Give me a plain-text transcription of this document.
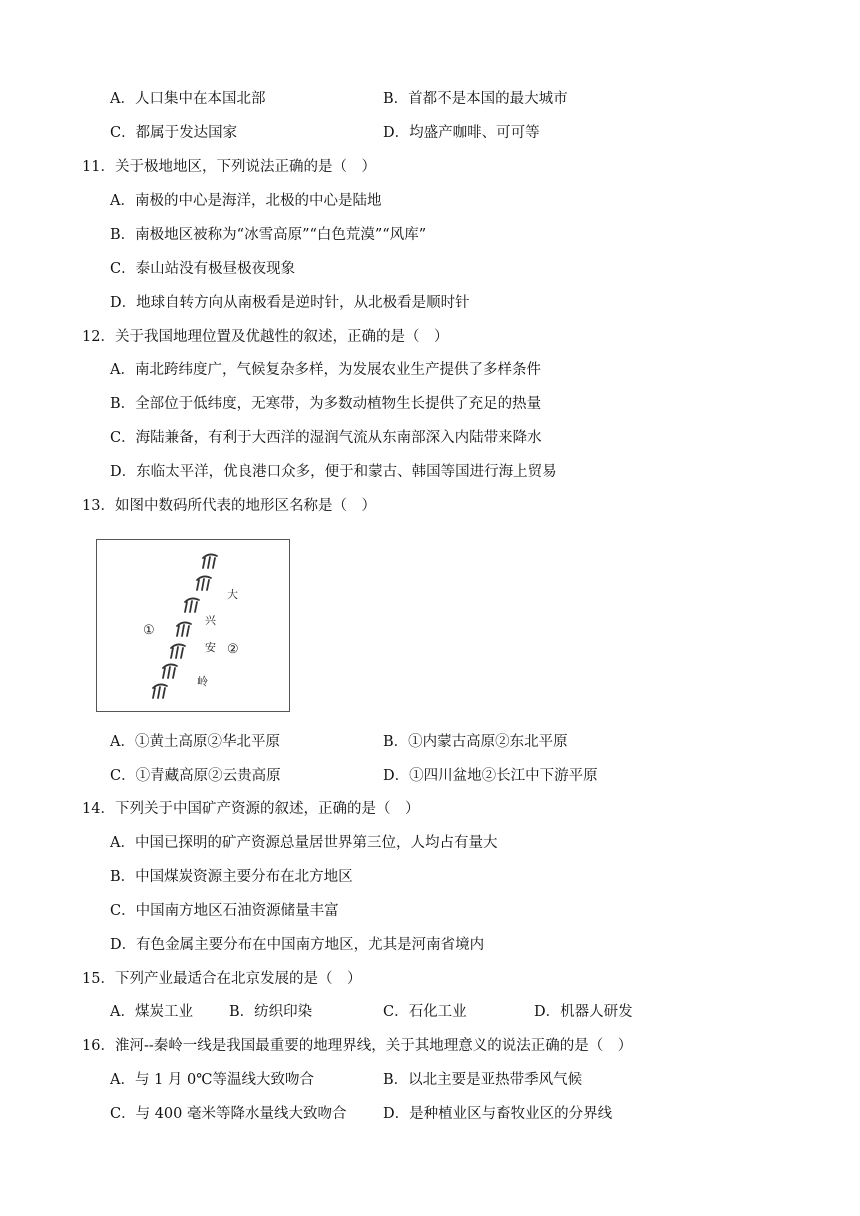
A．人口集中在本国北部	B．首都不是本国的最大城市
C．都属于发达国家	D．均盛产咖啡、可可等
11．关于极地地区，下列说法正确的是（　）
A．南极的中心是海洋，北极的中心是陆地
B．南极地区被称为“冰雪高原”“白色荒漠”“风库”
C．泰山站没有极昼极夜现象
D．地球自转方向从南极看是逆时针，从北极看是顺时针
12．关于我国地理位置及优越性的叙述，正确的是（　）
A．南北跨纬度广，气候复杂多样，为发展农业生产提供了多样条件
B．全部位于低纬度，无寒带，为多数动植物生长提供了充足的热量
C．海陆兼备，有利于大西洋的湿润气流从东南部深入内陆带来降水
D．东临太平洋，优良港口众多，便于和蒙古、韩国等国进行海上贸易
13．如图中数码所代表的地形区名称是（　）
大
兴
安
岭
①
②
A．①黄土高原②华北平原	B．①内蒙古高原②东北平原
C．①青藏高原②云贵高原	D．①四川盆地②长江中下游平原
14．下列关于中国矿产资源的叙述，正确的是（　）
A．中国已探明的矿产资源总量居世界第三位，人均占有量大
B．中国煤炭资源主要分布在北方地区
C．中国南方地区石油资源储量丰富
D．有色金属主要分布在中国南方地区，尤其是河南省境内
15．下列产业最适合在北京发展的是（　）
A．煤炭工业 B．纺织印染	C．石化工业	D．机器人研发
16．淮河--秦岭一线是我国最重要的地理界线，关于其地理意义的说法正确的是（　）
A．与 1 月 0℃等温线大致吻合	B．以北主要是亚热带季风气候
C．与 400 毫米等降水量线大致吻合	D．是种植业区与畜牧业区的分界线
